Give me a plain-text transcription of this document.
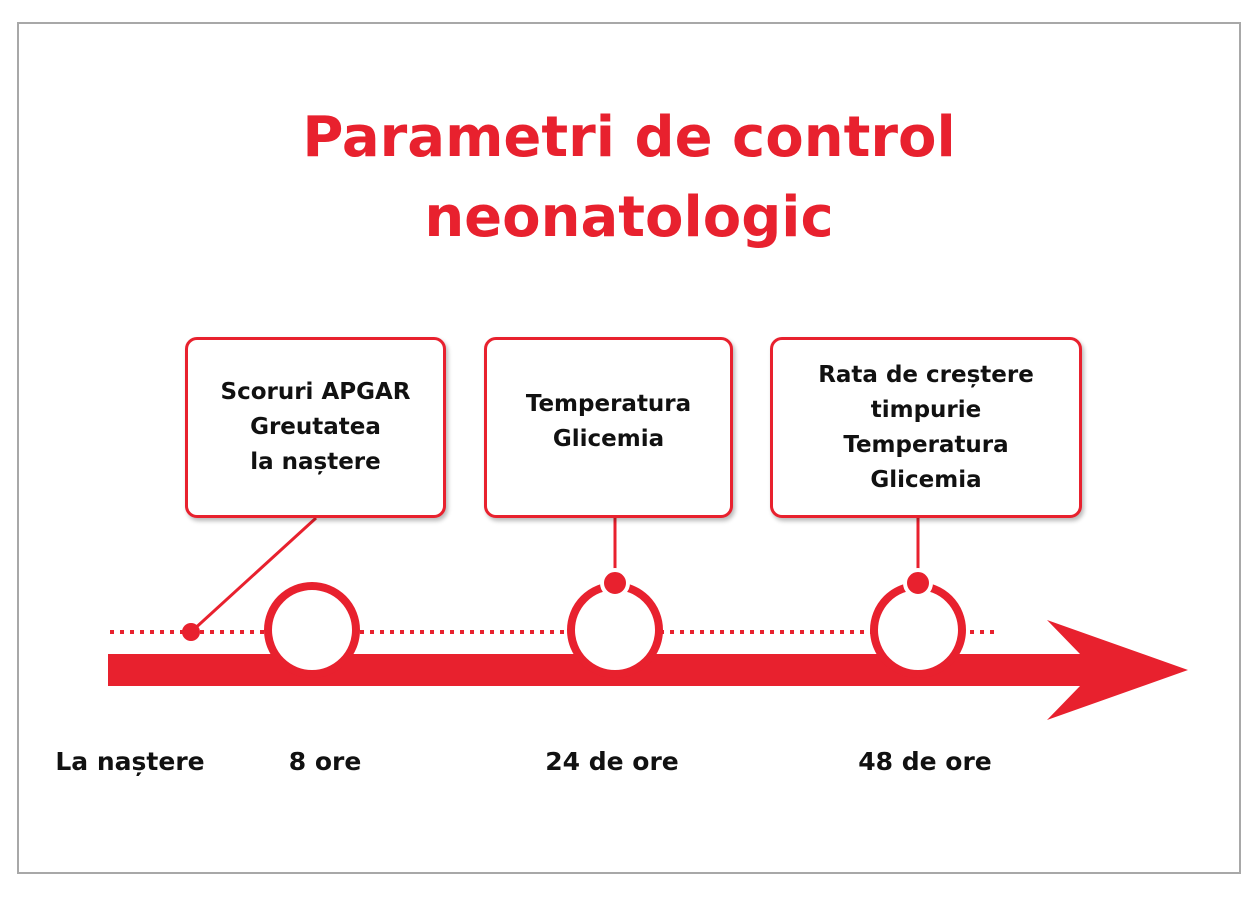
Parametri de control
neonatologic
Scoruri APGAR
Greutatea
la naștere
Temperatura
Glicemia
Rata de creștere
timpurie
Temperatura
Glicemia
La naștere	8 ore	24 de ore	48 de ore
